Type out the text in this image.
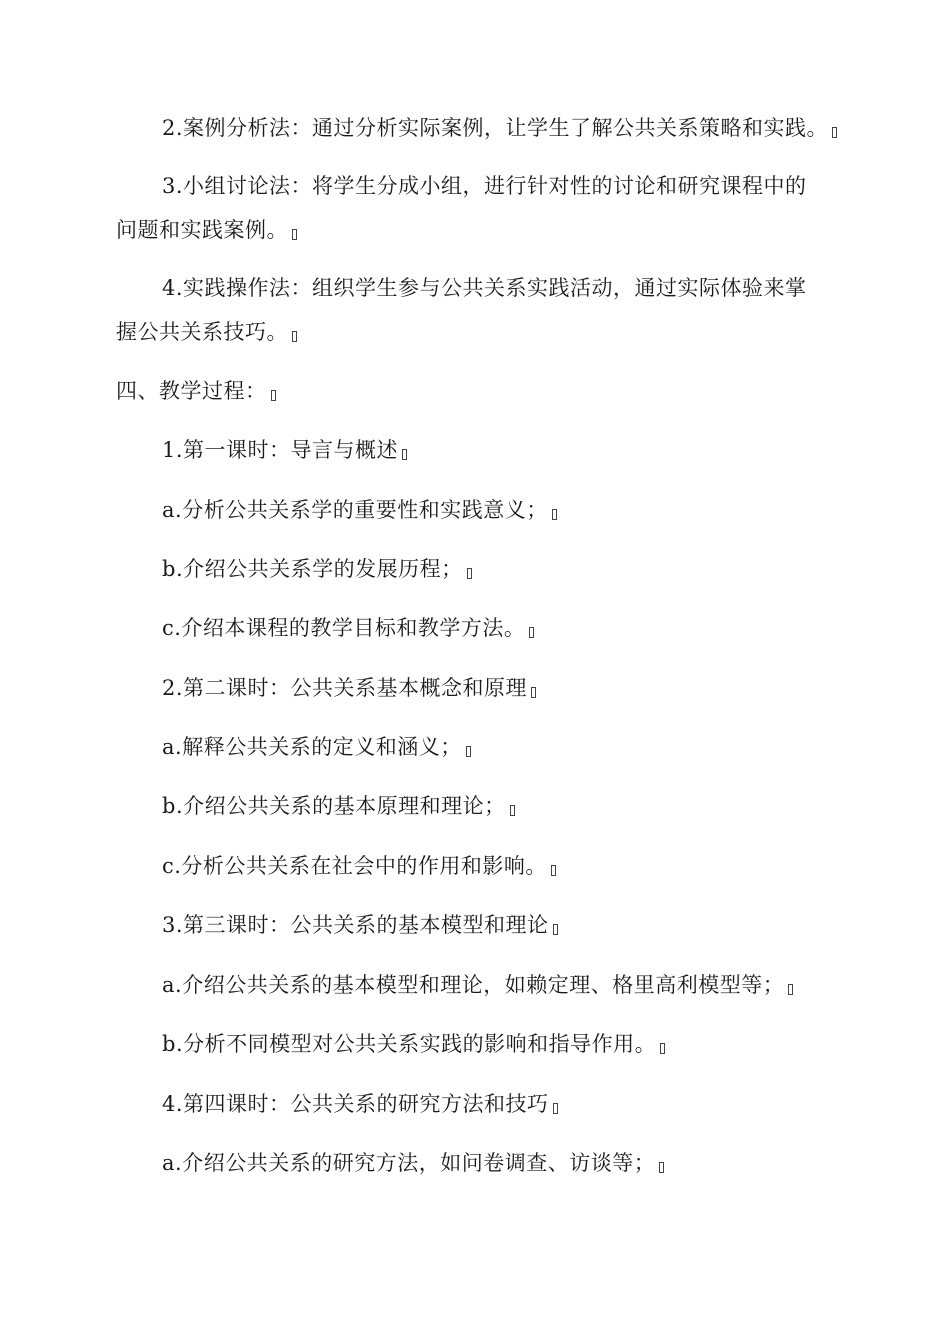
2.案例分析法：通过分析实际案例，让学生了解公共关系策略和实践。
3.小组讨论法：将学生分成小组，进行针对性的讨论和研究课程中的
问题和实践案例。
4.实践操作法：组织学生参与公共关系实践活动，通过实际体验来掌
握公共关系技巧。
四、教学过程：
1.第一课时：导言与概述
a.分析公共关系学的重要性和实践意义；
b.介绍公共关系学的发展历程；
c.介绍本课程的教学目标和教学方法。
2.第二课时：公共关系基本概念和原理
a.解释公共关系的定义和涵义；
b.介绍公共关系的基本原理和理论；
c.分析公共关系在社会中的作用和影响。
3.第三课时：公共关系的基本模型和理论
a.介绍公共关系的基本模型和理论，如赖定理、格里高利模型等；
b.分析不同模型对公共关系实践的影响和指导作用。
4.第四课时：公共关系的研究方法和技巧
a.介绍公共关系的研究方法，如问卷调查、访谈等；
